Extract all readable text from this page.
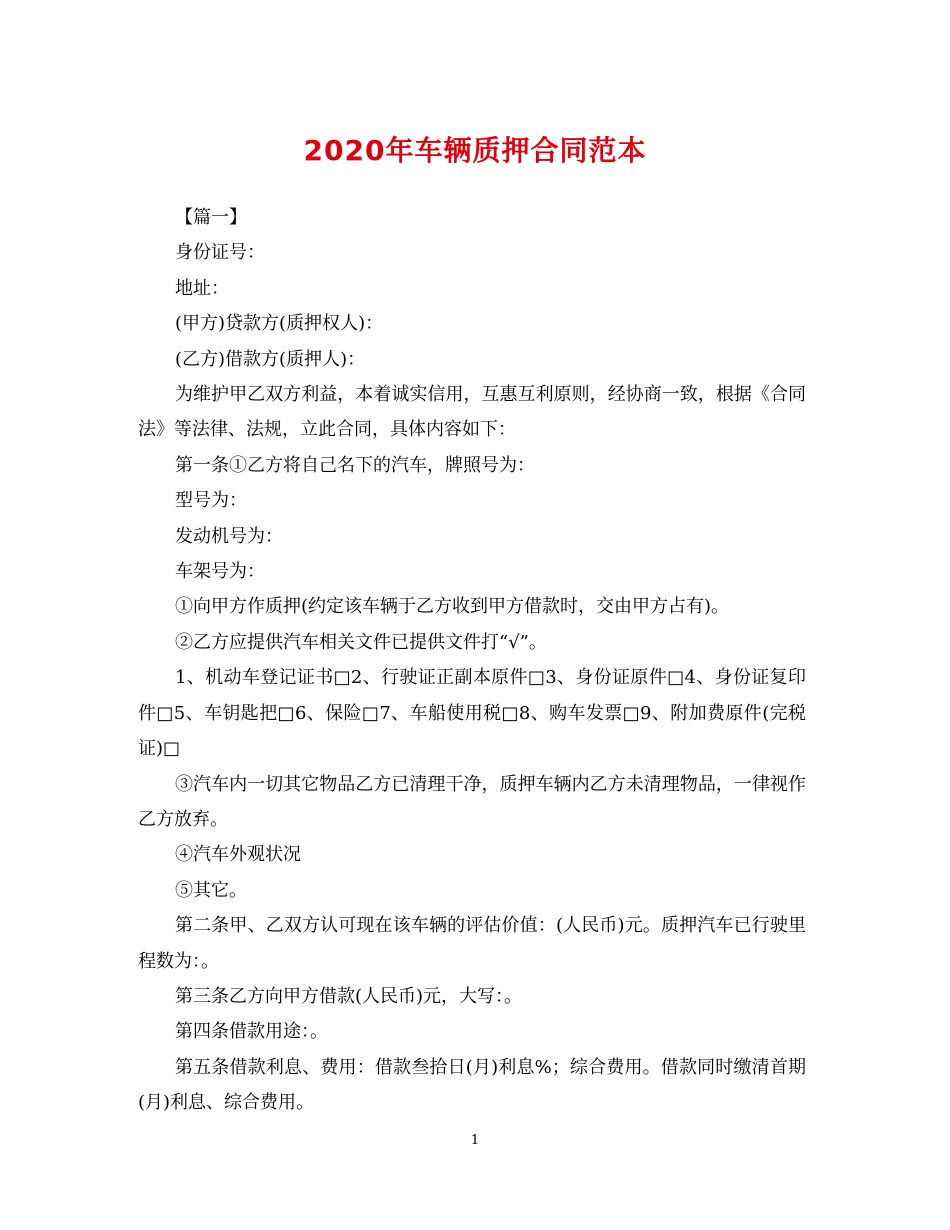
2020年车辆质押合同范本

【篇一】

身份证号：

地址：

(甲方)贷款方(质押权人)：

(乙方)借款方(质押人)：

为维护甲乙双方利益，本着诚实信用，互惠互利原则，经协商一致，根据《合同法》等法律、法规，立此合同，具体内容如下：

第一条①乙方将自己名下的汽车，牌照号为：

型号为：

发动机号为：

车架号为：

①向甲方作质押(约定该车辆于乙方收到甲方借款时，交由甲方占有)。

②乙方应提供汽车相关文件已提供文件打“√”。

1、机动车登记证书□2、行驶证正副本原件□3、身份证原件□4、身份证复印件□5、车钥匙把□6、保险□7、车船使用税□8、购车发票□9、附加费原件(完税证)□

③汽车内一切其它物品乙方已清理干净，质押车辆内乙方未清理物品，一律视作乙方放弃。

④汽车外观状况

⑤其它。

第二条甲、乙双方认可现在该车辆的评估价值：(人民币)元。质押汽车已行驶里程数为：。

第三条乙方向甲方借款(人民币)元，大写：。

第四条借款用途：。

第五条借款利息、费用：借款叁拾日(月)利息%；综合费用。借款同时缴清首期(月)利息、综合费用。

1
